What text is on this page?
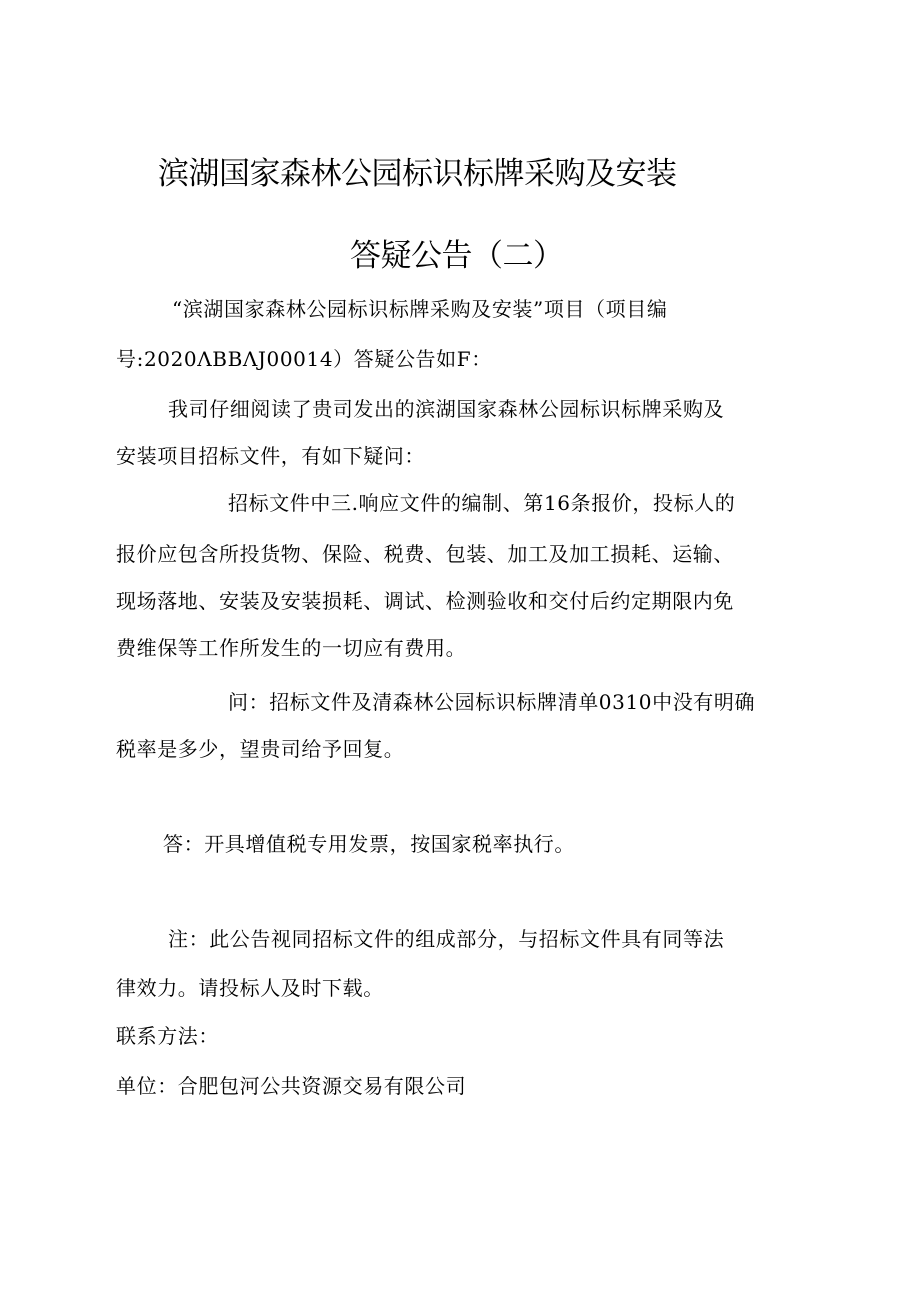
滨湖国家森林公园标识标牌采购及安装
答疑公告（二）

“滨湖国家森林公园标识标牌采购及安装”项目（项目编

号:2020ΛBBΛJ00014）答疑公告如F：

我司仔细阅读了贵司发出的滨湖国家森林公园标识标牌采购及

安装项目招标文件，有如下疑问：

招标文件中三.响应文件的编制、第16条报价，投标人的

报价应包含所投货物、保险、税费、包装、加工及加工损耗、运输、

现场落地、安装及安装损耗、调试、检测验收和交付后约定期限内免

费维保等工作所发生的一切应有费用。

问：招标文件及清森林公园标识标牌清单0310中没有明确

税率是多少，望贵司给予回复。

答：开具增值税专用发票，按国家税率执行。

注：此公告视同招标文件的组成部分，与招标文件具有同等法

律效力。请投标人及时下载。

联系方法：

单位：合肥包河公共资源交易有限公司
